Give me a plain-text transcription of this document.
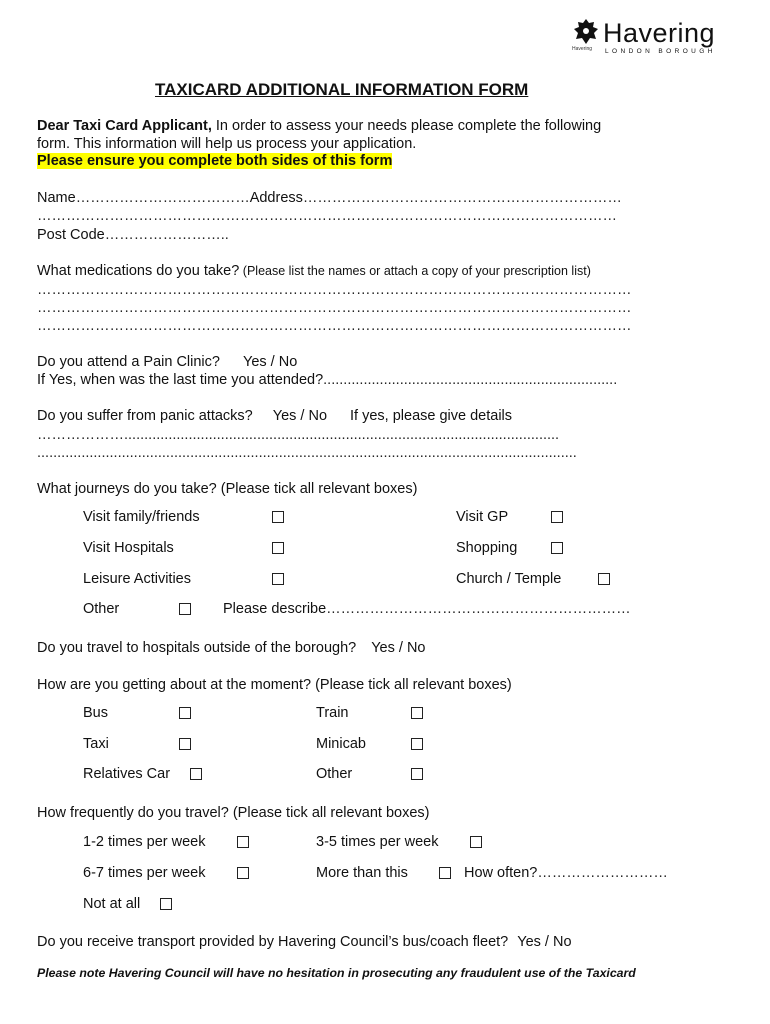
Havering
Havering
LONDON BOROUGH
TAXICARD ADDITIONAL INFORMATION FORM
Dear Taxi Card Applicant, In order to assess your needs please complete the following
form. This information will help us process your application.
Please ensure you complete both sides of this form
Name………………………………Address…………………………………………………………
…………………………………………………………………………………………………………
Post Code……………………..
What medications do you take? (Please list the names or attach a copy of your prescription list)
……………………………………………………………………………………………………………
……………………………………………………………………………………………………………
……………………………………………………………………………………………………………
Do you attend a Pain Clinic? Yes / No
If Yes, when was the last time you attended?.........................................................................
Do you suffer from panic attacks? Yes / No If yes, please give details
………………............................................................................................................
......................................................................................................................................
What journeys do you take? (Please tick all relevant boxes)
Visit family/friends	Visit GP
Visit Hospitals	Shopping
Leisure Activities	Church / Temple
Other	Please describe………………………………………………………
Do you travel to hospitals outside of the borough? Yes / No
How are you getting about at the moment? (Please tick all relevant boxes)
Bus	Train
Taxi	Minicab
Relatives Car	Other
How frequently do you travel? (Please tick all relevant boxes)
1-2 times per week	3-5 times per week
6-7 times per week	More than this	How often?………………………
Not at all
Do you receive transport provided by Havering Council’s bus/coach fleet? Yes / No
Please note Havering Council will have no hesitation in prosecuting any fraudulent use of the Taxicard
